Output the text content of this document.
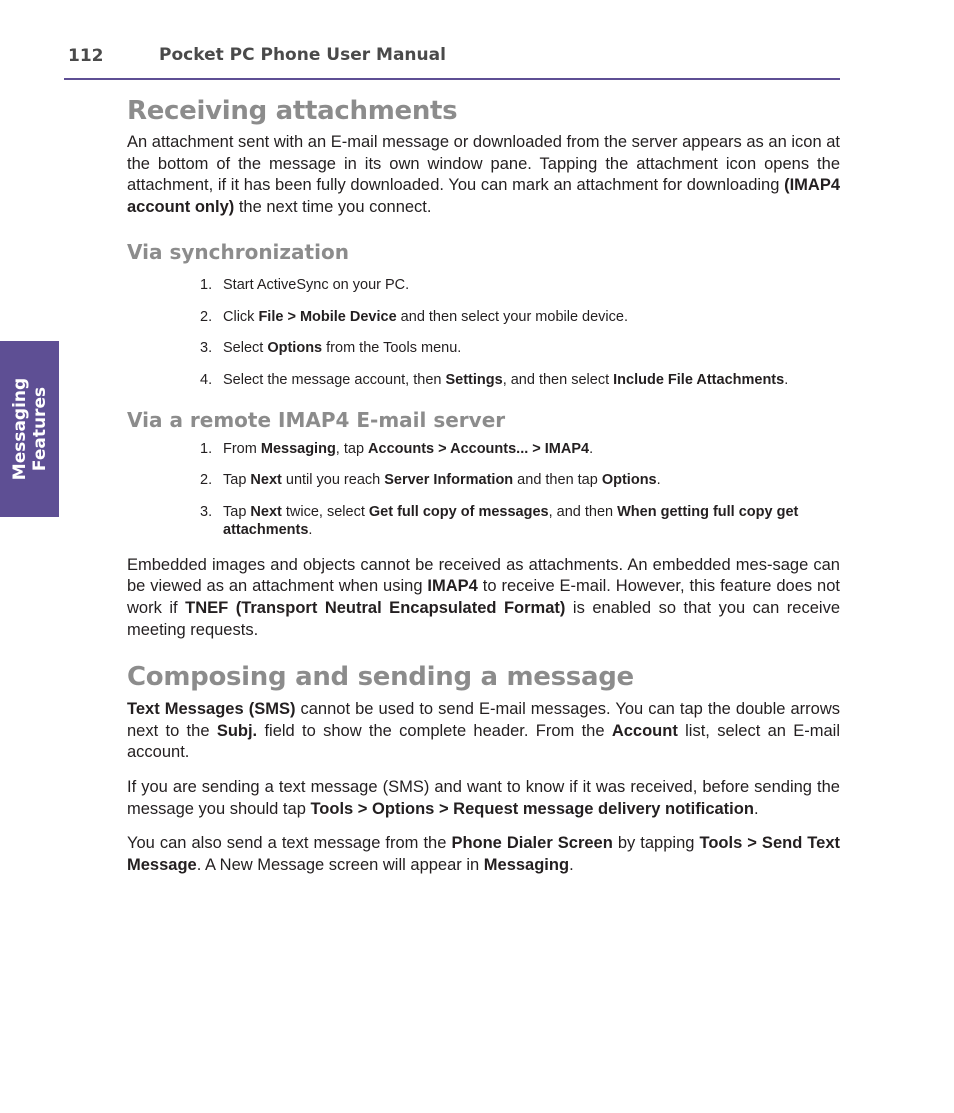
112	Pocket PC Phone User Manual
Messaging Features
Receiving attachments

An attachment sent with an E-mail message or downloaded from the server appears as an icon at the bottom of the message in its own window pane. Tapping the attachment icon opens the attachment, if it has been fully downloaded. You can mark an attachment for downloading (IMAP4 account only) the next time you connect.

Via synchronization
1. Start ActiveSync on your PC.
2. Click File > Mobile Device and then select your mobile device.
3. Select Options from the Tools menu.
4. Select the message account, then Settings, and then select Include File Attachments.
Via a remote IMAP4 E-mail server
1. From Messaging, tap Accounts > Accounts... > IMAP4.
2. Tap Next until you reach Server Information and then tap Options.
3. Tap Next twice, select Get full copy of messages, and then When getting full copy get attachments.

Embedded images and objects cannot be received as attachments. An embedded mes-sage can be viewed as an attachment when using IMAP4 to receive E-mail. However, this feature does not work if TNEF (Transport Neutral Encapsulated Format) is enabled so that you can receive meeting requests.

Composing and sending a message

Text Messages (SMS) cannot be used to send E-mail messages. You can tap the double arrows next to the Subj. field to show the complete header. From the Account list, select an E-mail account.

If you are sending a text message (SMS) and want to know if it was received, before sending the message you should tap Tools > Options > Request message delivery notification.

You can also send a text message from the Phone Dialer Screen by tapping Tools > Send Text Message. A New Message screen will appear in Messaging.
